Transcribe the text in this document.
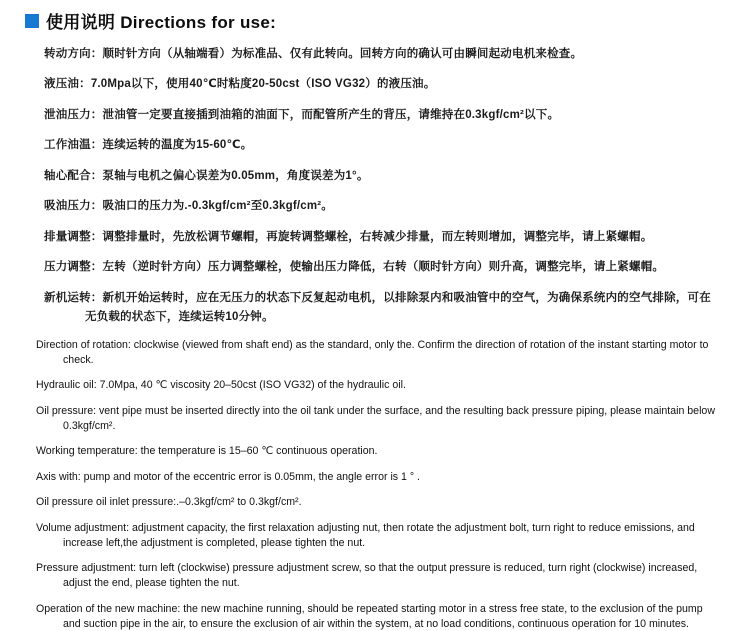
使用说明 Directions for use:

转动方向：顺时针方向（从轴端看）为标准品、仅有此转向。回转方向的确认可由瞬间起动电机来检查。

液压油：7.0Mpa以下，使用40℃时粘度20-50cst（ISO VG32）的液压油。

泄油压力：泄油管一定要直接插到油箱的油面下，而配管所产生的背压，请维持在0.3kgf/cm²以下。

工作油温：连续运转的温度为15-60℃。

轴心配合：泵轴与电机之偏心误差为0.05mm，角度误差为1°。

吸油压力：吸油口的压力为.-0.3kgf/cm²至0.3kgf/cm²。

排量调整：调整排量时，先放松调节螺帽，再旋转调整螺栓，右转减少排量，而左转则增加，调整完毕，请上紧螺帽。

压力调整：左转（逆时针方向）压力调整螺栓，使输出压力降低，右转（顺时针方向）则升高，调整完毕，请上紧螺帽。

新机运转：新机开始运转时，应在无压力的状态下反复起动电机，以排除泵内和吸油管中的空气，为确保系统内的空气排除，可在无负载的状态下，连续运转10分钟。

Direction of rotation: clockwise (viewed from shaft end) as the standard, only the. Confirm the direction of rotation of the instant starting motor to check.

Hydraulic oil: 7.0Mpa, 40 ℃ viscosity 20–50cst (ISO VG32) of the hydraulic oil.

Oil pressure: vent pipe must be inserted directly into the oil tank under the surface, and the resulting back pressure piping, please maintain below 0.3kgf/cm².

Working temperature: the temperature is 15–60 ℃ continuous operation.

Axis with: pump and motor of the eccentric error is 0.05mm, the angle error is 1 ° .

Oil pressure oil inlet pressure:.–0.3kgf/cm² to 0.3kgf/cm².

Volume adjustment: adjustment capacity, the first relaxation adjusting nut, then rotate the adjustment bolt, turn right to reduce emissions, and increase left,the adjustment is completed, please tighten the nut.

Pressure adjustment: turn left (clockwise) pressure adjustment screw, so that the output pressure is reduced, turn right (clockwise) increased, adjust the end, please tighten the nut.

Operation of the new machine: the new machine running, should be repeated starting motor in a stress free state, to the exclusion of the pump and suction pipe in the air, to ensure the exclusion of air within the system, at no load conditions, continuous operation for 10 minutes.
